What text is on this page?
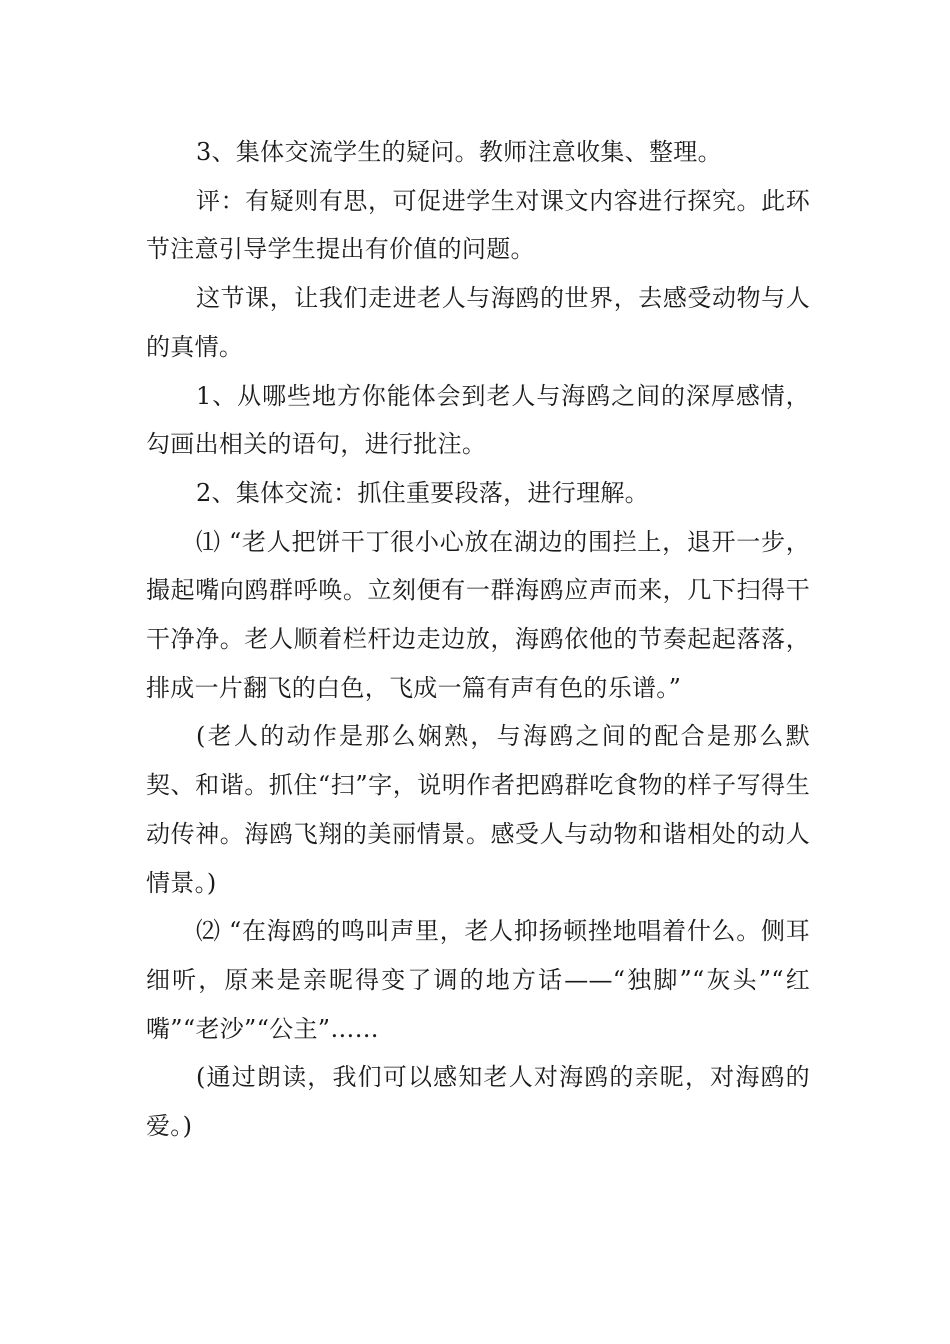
3、集体交流学生的疑问。教师注意收集、整理。

评：有疑则有思，可促进学生对课文内容进行探究。此环节注意引导学生提出有价值的问题。

这节课，让我们走进老人与海鸥的世界，去感受动物与人的真情。

1、从哪些地方你能体会到老人与海鸥之间的深厚感情，勾画出相关的语句，进行批注。

2、集体交流：抓住重要段落，进行理解。

⑴ “老人把饼干丁很小心放在湖边的围拦上，退开一步，撮起嘴向鸥群呼唤。立刻便有一群海鸥应声而来，几下扫得干干净净。老人顺着栏杆边走边放，海鸥依他的节奏起起落落，排成一片翻飞的白色，飞成一篇有声有色的乐谱。”

(老人的动作是那么娴熟，与海鸥之间的配合是那么默契、和谐。抓住“扫”字，说明作者把鸥群吃食物的样子写得生动传神。海鸥飞翔的美丽情景。感受人与动物和谐相处的动人情景。)

⑵ “在海鸥的鸣叫声里，老人抑扬顿挫地唱着什么。侧耳细听，原来是亲昵得变了调的地方话——“独脚”“灰头”“红嘴”“老沙”“公主”……

(通过朗读，我们可以感知老人对海鸥的亲昵，对海鸥的爱。)
